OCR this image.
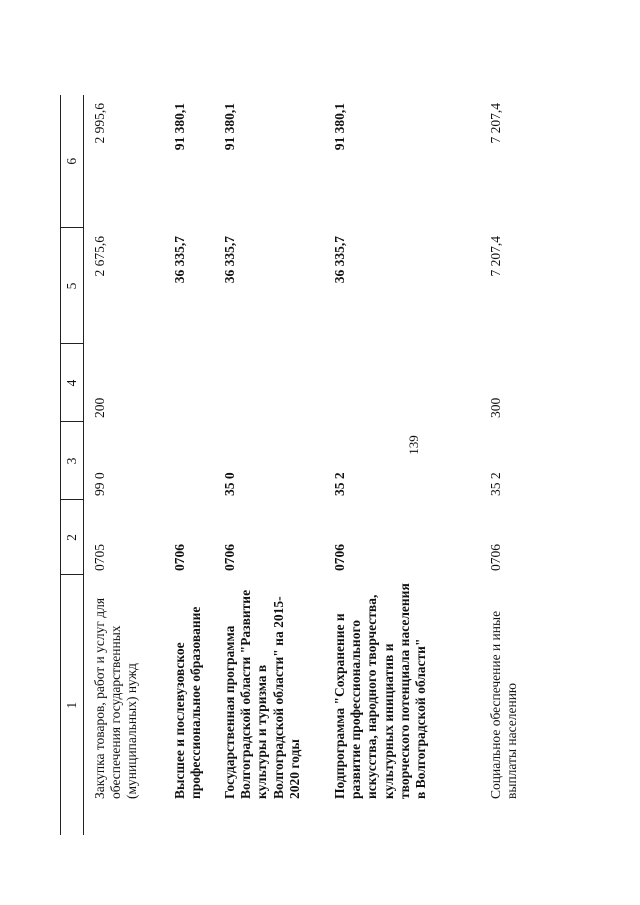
139
1	2	3	4	5	6
Закупка товаров, работ и услуг для обеспечения государственных (муниципальных) нужд	0705	99 0	200	2 675,6	2 995,6
Высшее и послевузовское профессиональное образование	0706			36 335,7	91 380,1
Государственная программа Волгоградской области "Развитие культуры и туризма в Волгоградской области" на 2015-2020 годы	0706	35 0		36 335,7	91 380,1
Подпрограмма "Сохранение и развитие профессионального искусства, народного творчества, культурных инициатив и творческого потенциала населения в Волгоградской области"	0706	35 2		36 335,7	91 380,1
Социальное обеспечение и иные выплаты населению	0706	35 2	300	7 207,4	7 207,4
